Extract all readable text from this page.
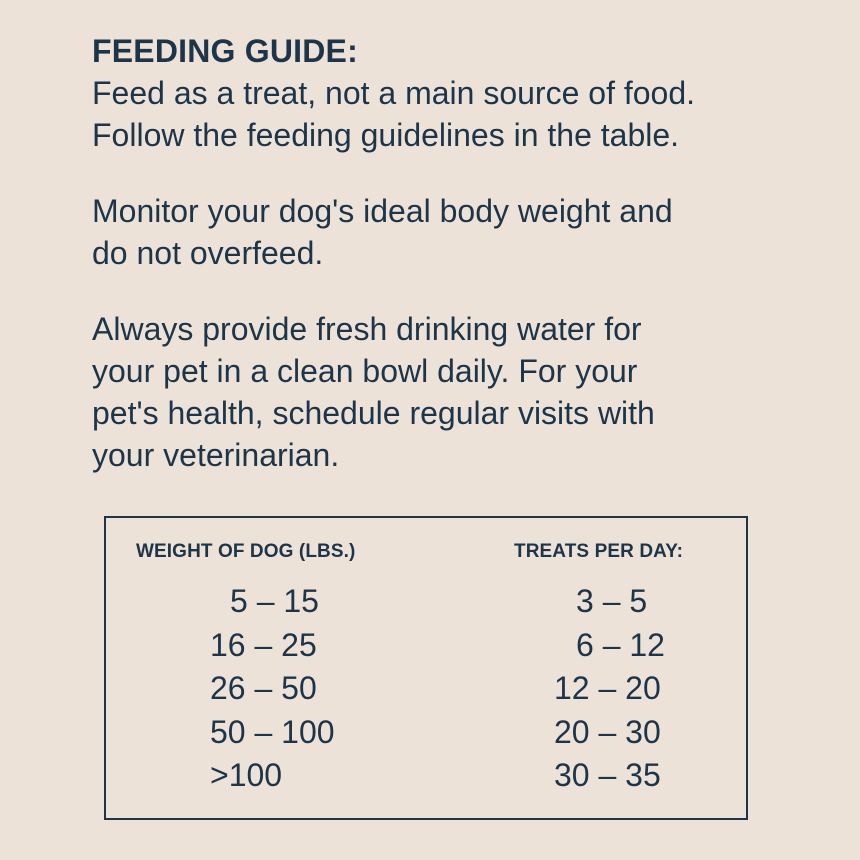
FEEDING GUIDE:

Feed as a treat, not a main source of food.
Follow the feeding guidelines in the table.

Monitor your dog's ideal body weight and
do not overfeed.

Always provide fresh drinking water for
your pet in a clean bowl daily. For your
pet's health, schedule regular visits with
your veterinarian.

WEIGHT OF DOG (LBS.)	TREATS PER DAY:
5 – 15	3 – 5
16 – 25	6 – 12
26 – 50	12 – 20
50 – 100	20 – 30
>100	30 – 35
